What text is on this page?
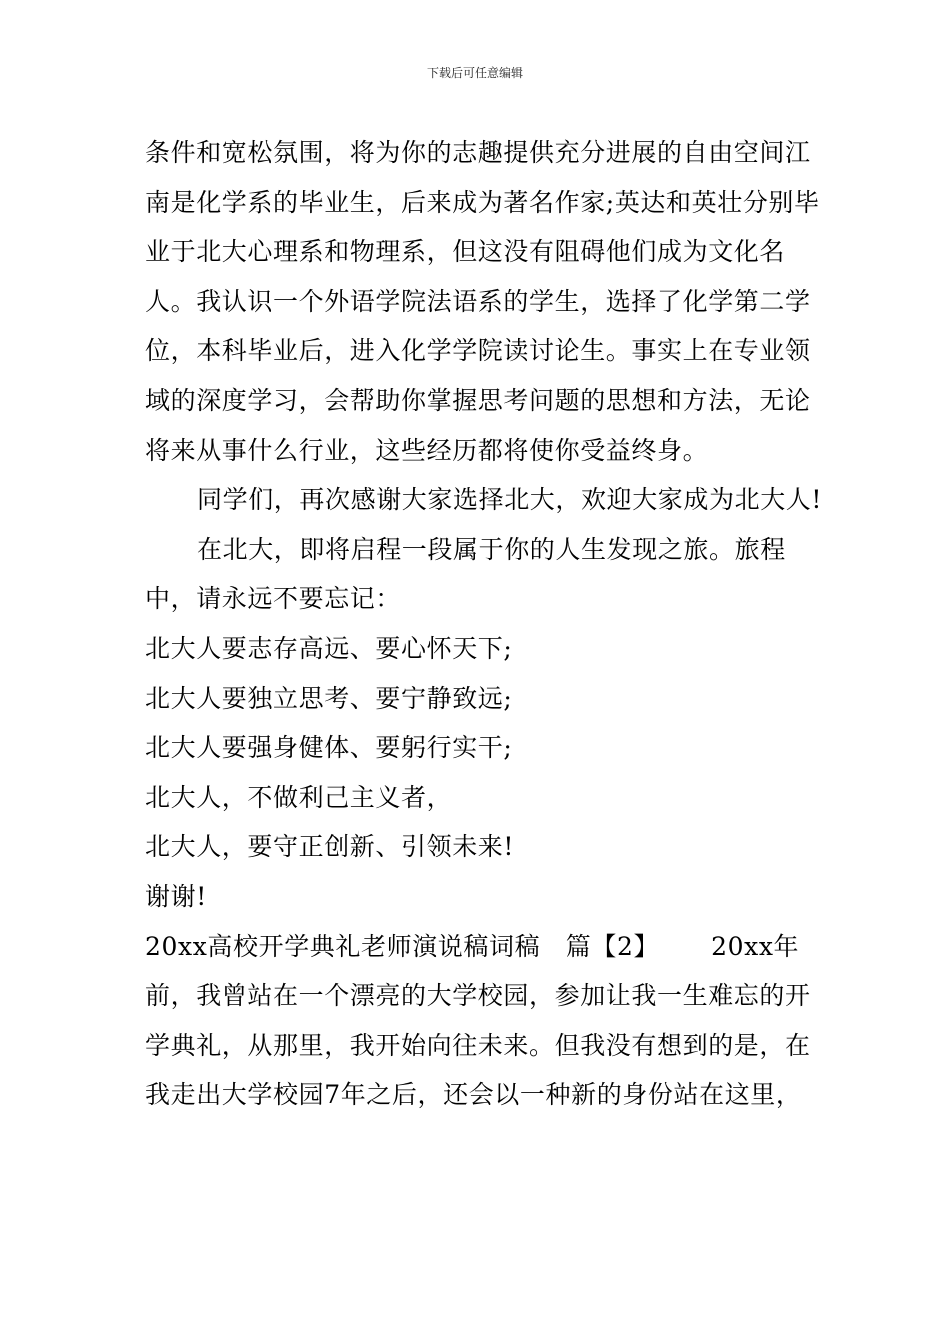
下载后可任意编辑

条件和宽松氛围，将为你的志趣提供充分进展的自由空间江南是化学系的毕业生，后来成为著名作家;英达和英壮分别毕业于北大心理系和物理系，但这没有阻碍他们成为文化名人。我认识一个外语学院法语系的学生，选择了化学第二学位，本科毕业后，进入化学学院读讨论生。事实上在专业领域的深度学习，会帮助你掌握思考问题的思想和方法，无论将来从事什么行业，这些经历都将使你受益终身。

同学们，再次感谢大家选择北大，欢迎大家成为北大人!

在北大，即将启程一段属于你的人生发现之旅。旅程中，请永远不要忘记：

北大人要志存高远、要心怀天下;

北大人要独立思考、要宁静致远;

北大人要强身健体、要躬行实干;

北大人，不做利己主义者，

北大人，要守正创新、引领未来!

谢谢!

20xx高校开学典礼老师演说稿词稿　篇【2】 20xx年前，我曾站在一个漂亮的大学校园，参加让我一生难忘的开学典礼，从那里，我开始向往未来。但我没有想到的是，在我走出大学校园7年之后，还会以一种新的身份站在这里，
